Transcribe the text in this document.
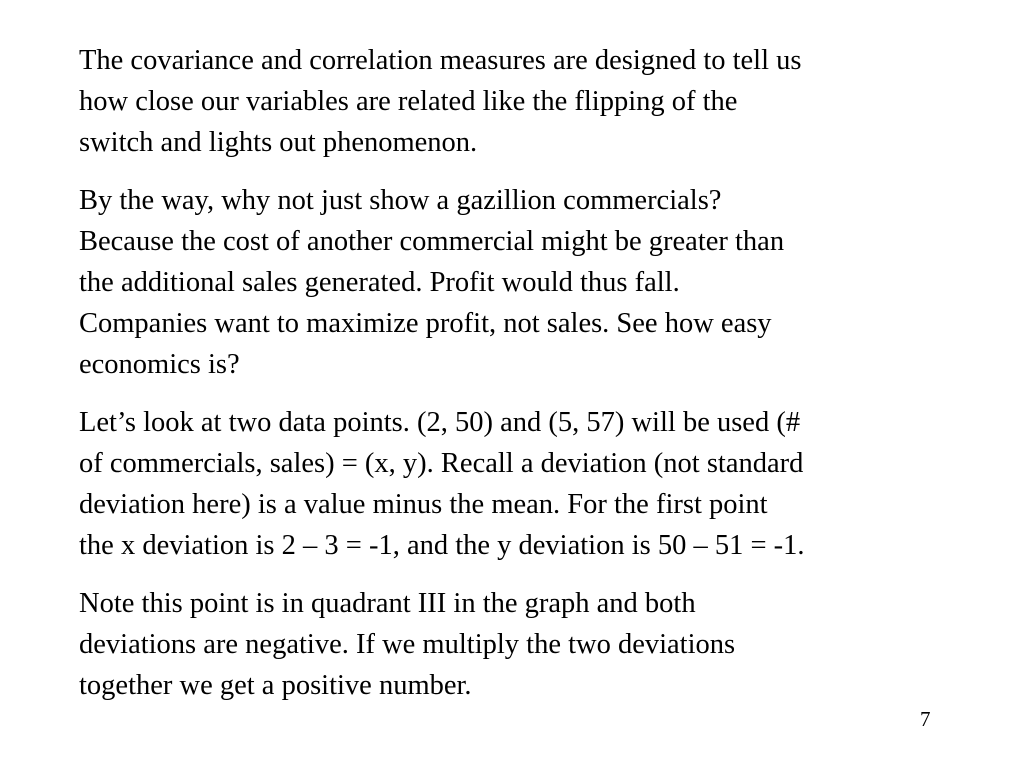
The covariance and correlation measures are designed to tell us
how close our variables are related like the flipping of the
switch and lights out phenomenon.

By the way, why not just show a gazillion commercials?
Because the cost of another commercial might be greater than
the additional sales generated. Profit would thus fall.
Companies want to maximize profit, not sales. See how easy
economics is?

Let’s look at two data points. (2, 50) and (5, 57) will be used (#
of commercials, sales) = (x, y). Recall a deviation (not standard
deviation here) is a value minus the mean. For the first point
the x deviation is 2 – 3 = -1, and the y deviation is 50 – 51 = -1.

Note this point is in quadrant III in the graph and both
deviations are negative. If we multiply the two deviations
together we get a positive number.

7
